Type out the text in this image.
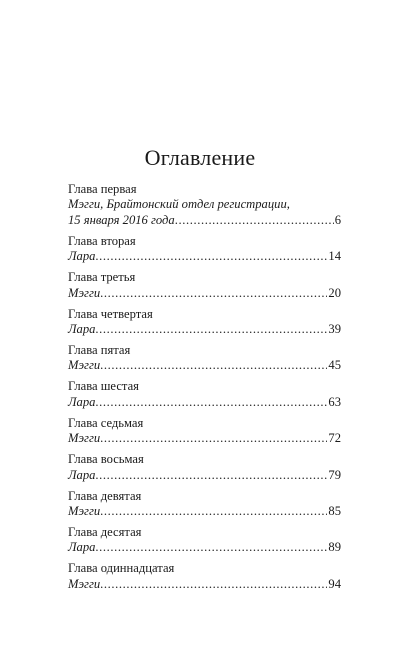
Оглавление
Глава первая
Мэгги, Брайтонский отдел регистрации,
15 января 2016 года .....	6
Глава вторая
Лара .....	14
Глава третья
Мэгги .....	20
Глава четвертая
Лара .....	39
Глава пятая
Мэгги .....	45
Глава шестая
Лара .....	63
Глава седьмая
Мэгги .....	72
Глава восьмая
Лара .....	79
Глава девятая
Мэгги .....	85
Глава десятая
Лара .....	89
Глава одиннадцатая
Мэгги .....	94
